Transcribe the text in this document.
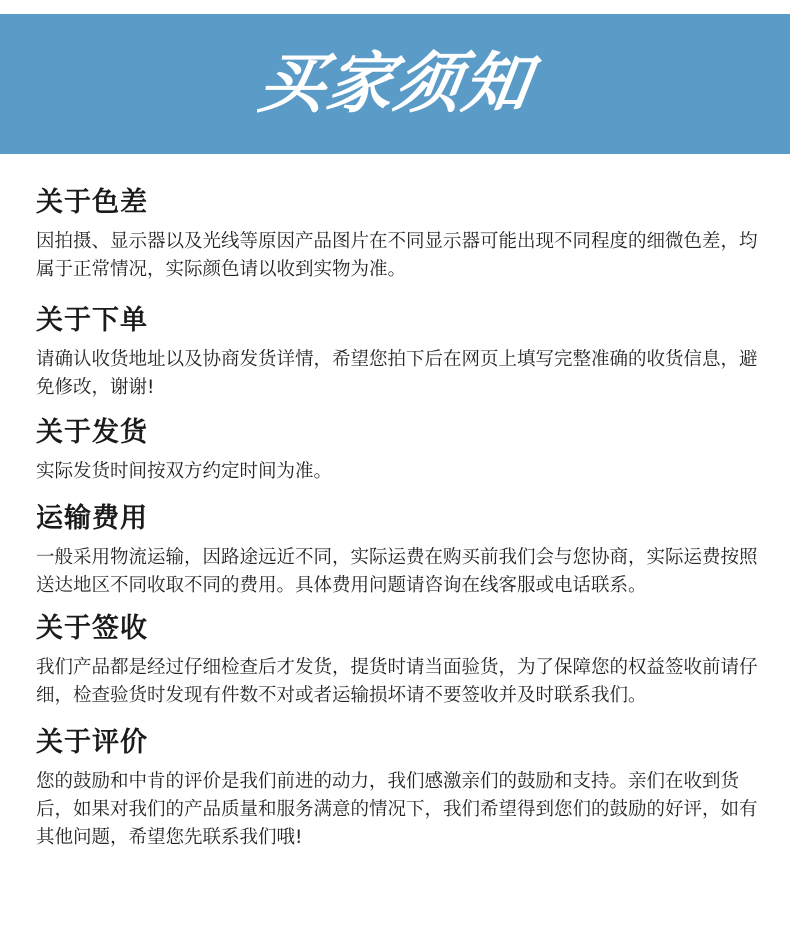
买家须知
关于色差
因拍摄、显示器以及光线等原因产品图片在不同显示器可能出现不同程度的细微色差，均属于正常情况，实际颜色请以收到实物为准。
关于下单
请确认收货地址以及协商发货详情，希望您拍下后在网页上填写完整准确的收货信息，避免修改，谢谢!
关于发货
实际发货时间按双方约定时间为准。
运输费用
一般采用物流运输，因路途远近不同，实际运费在购买前我们会与您协商，实际运费按照送达地区不同收取不同的费用。具体费用问题请咨询在线客服或电话联系。
关于签收
我们产品都是经过仔细检查后才发货，提货时请当面验货，为了保障您的权益签收前请仔细，检查验货时发现有件数不对或者运输损坏请不要签收并及时联系我们。
关于评价
您的鼓励和中肯的评价是我们前进的动力，我们感激亲们的鼓励和支持。亲们在收到货后，如果对我们的产品质量和服务满意的情况下，我们希望得到您们的鼓励的好评，如有其他问题，希望您先联系我们哦!
